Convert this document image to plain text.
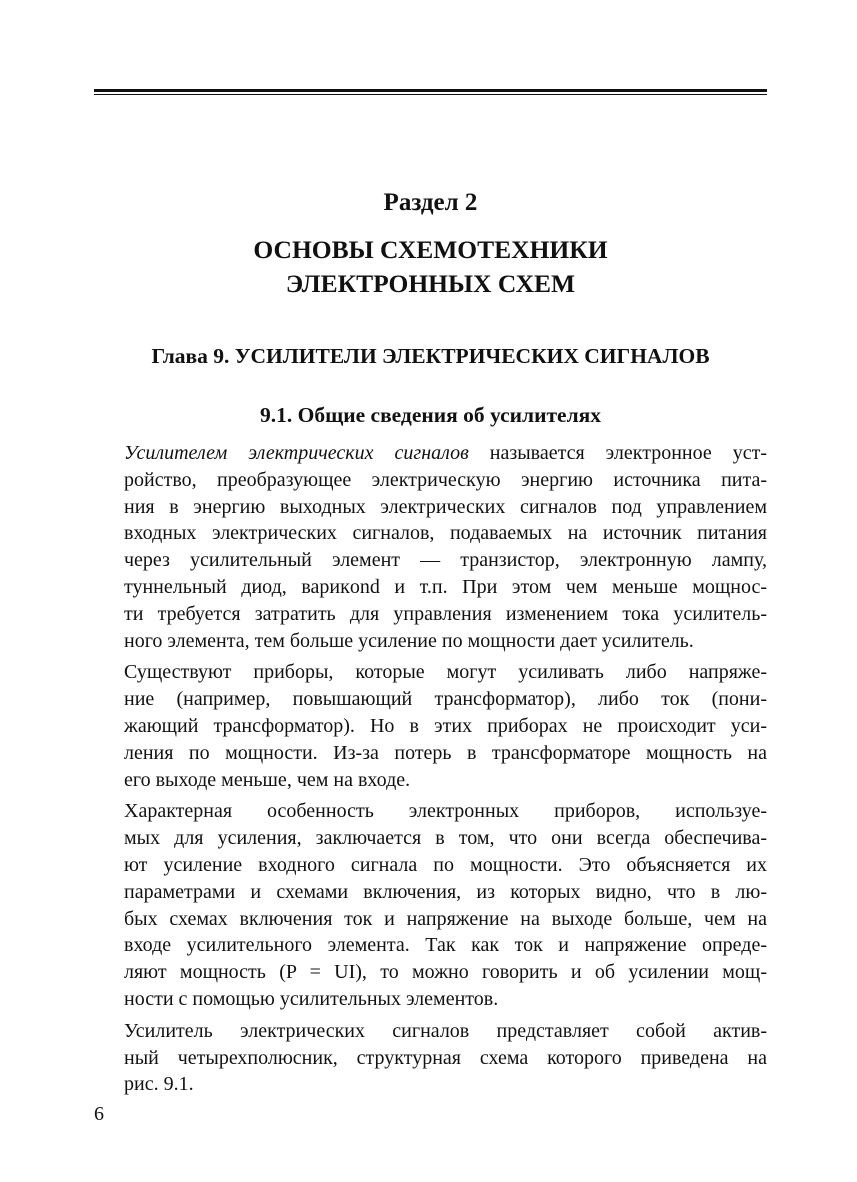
Раздел 2
ОСНОВЫ СХЕМОТЕХНИКИ
ЭЛЕКТРОННЫХ СХЕМ
Глава 9. УСИЛИТЕЛИ ЭЛЕКТРИЧЕСКИХ СИГНАЛОВ
9.1. Общие сведения об усилителях

Усилителем электрических сигналов называется электронное уст-
ройство, преобразующее электрическую энергию источника пита-
ния в энергию выходных электрических сигналов под управлением
входных электрических сигналов, подаваемых на источник питания
через усилительный элемент — транзистор, электронную лампу,
туннельный диод, варикond и т.п. При этом чем меньше мощнос-
ти требуется затратить для управления изменением тока усилитель-
ного элемента, тем больше усиление по мощности дает усилитель.

Существуют приборы, которые могут усиливать либо напряже-
ние (например, повышающий трансформатор), либо ток (пони-
жающий трансформатор). Но в этих приборах не происходит уси-
ления по мощности. Из-за потерь в трансформаторе мощность на
его выходе меньше, чем на входе.

Характерная особенность электронных приборов, используе-
мых для усиления, заключается в том, что они всегда обеспечива-
ют усиление входного сигнала по мощности. Это объясняется их
параметрами и схемами включения, из которых видно, что в лю-
бых схемах включения ток и напряжение на выходе больше, чем на
входе усилительного элемента. Так как ток и напряжение опреде-
ляют мощность (P = UI), то можно говорить и об усилении мощ-
ности с помощью усилительных элементов.

Усилитель электрических сигналов представляет собой актив-
ный четырехполюсник, структурная схема которого приведена на
рис. 9.1.

6
